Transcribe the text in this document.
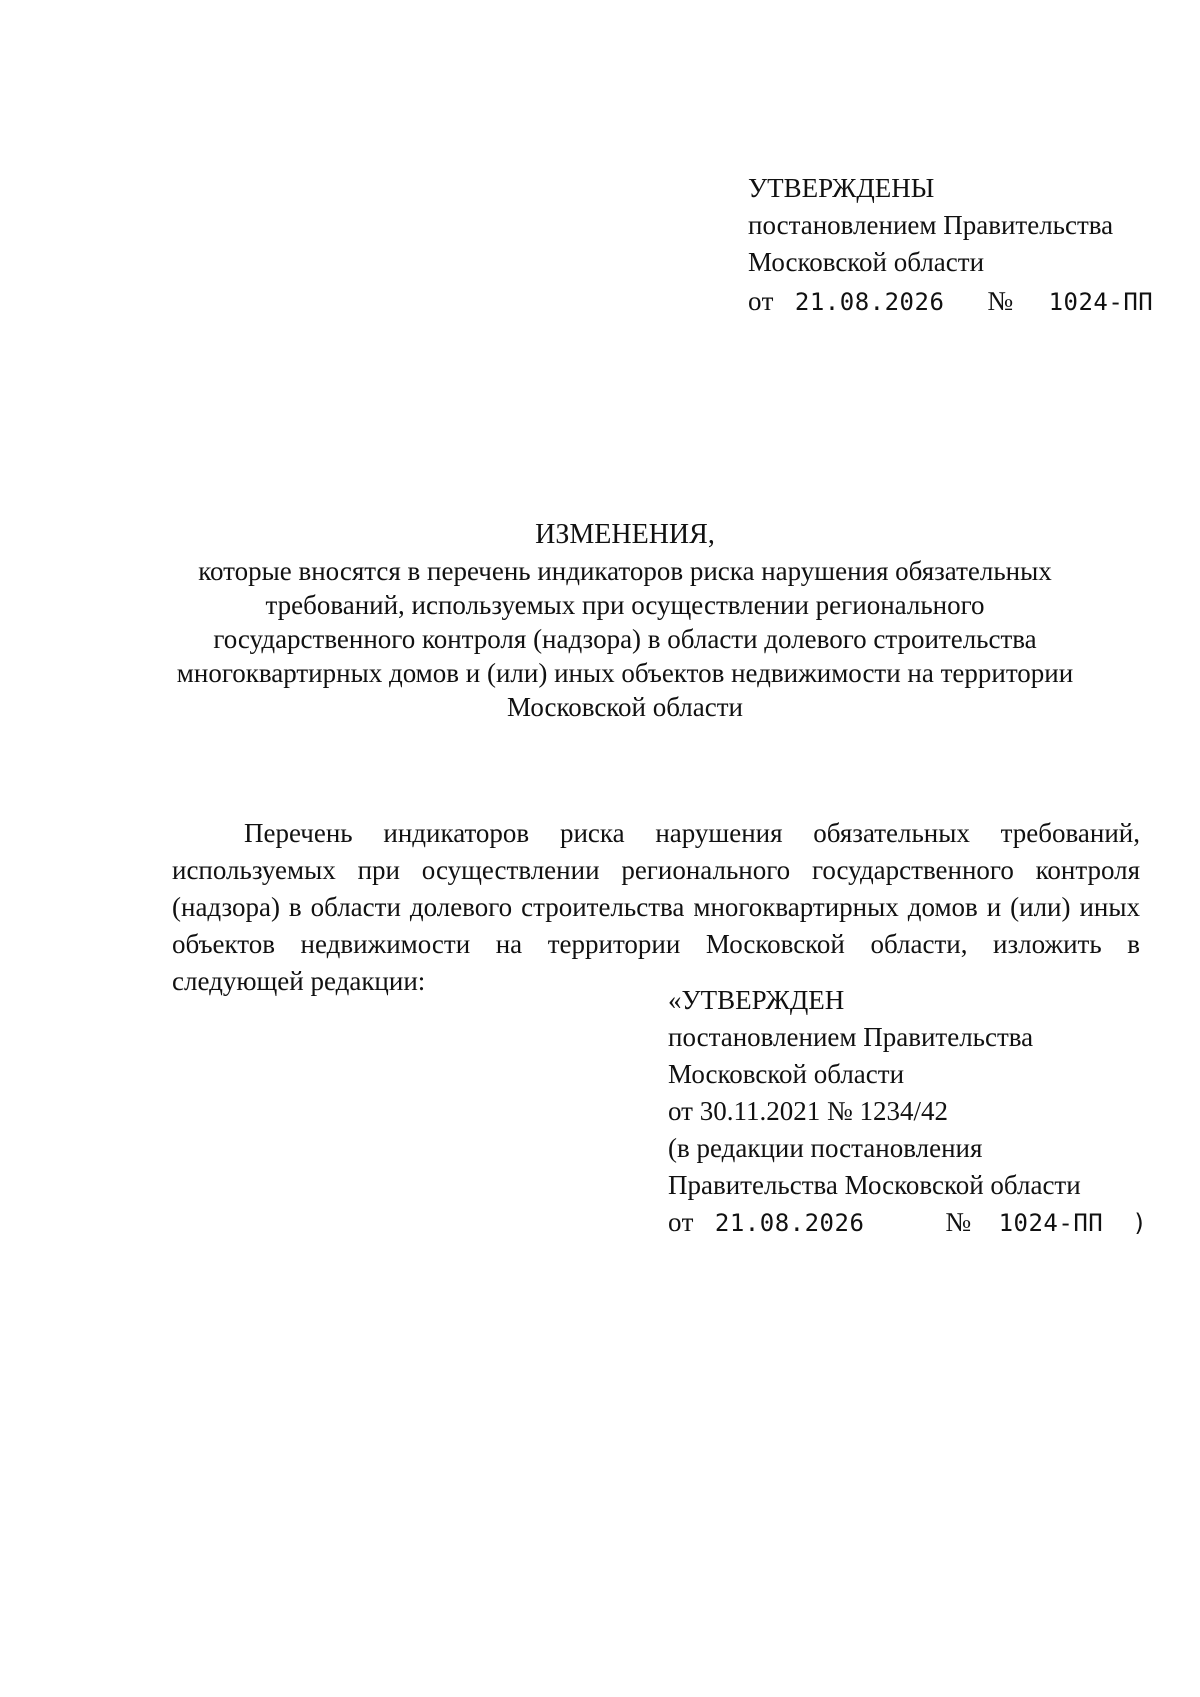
УТВЕРЖДЕНЫ
постановлением Правительства
Московской области
от 21.08.2026 № 1024-ПП
ИЗМЕНЕНИЯ,
которые вносятся в перечень индикаторов риска нарушения обязательных
требований, используемых при осуществлении регионального
государственного контроля (надзора) в области долевого строительства
многоквартирных домов и (или) иных объектов недвижимости на территории
Московской области

Перечень индикаторов риска нарушения обязательных требований, используемых при осуществлении регионального государственного контроля (надзора) в области долевого строительства многоквартирных домов и (или) иных объектов недвижимости на территории Московской области, изложить в следующей редакции:

«УТВЕРЖДЕН
постановлением Правительства
Московской области
от 30.11.2021 № 1234/42
(в редакции постановления
Правительства Московской области
от 21.08.2026	№ 1024-ПП )
